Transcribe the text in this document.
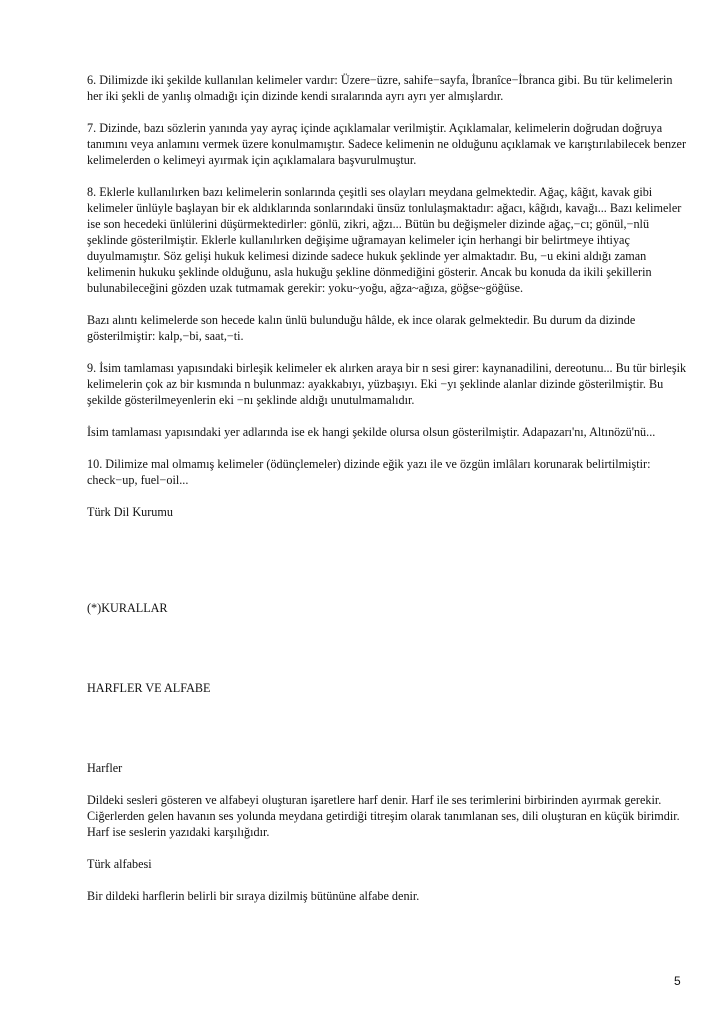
6. Dilimizde iki şekilde kullanılan kelimeler vardır: Üzere−üzre, sahife−sayfa, İbranîce−İbranca gibi. Bu tür kelimelerin her iki şekli de yanlış olmadığı için dizinde kendi sıralarında ayrı ayrı yer almışlardır.

7. Dizinde, bazı sözlerin yanında yay ayraç içinde açıklamalar verilmiştir. Açıklamalar, kelimelerin doğrudan doğruya tanımını veya anlamını vermek üzere konulmamıştır. Sadece kelimenin ne olduğunu açıklamak ve karıştırılabilecek benzer kelimelerden o kelimeyi ayırmak için açıklamalara başvurulmuştur.

8. Eklerle kullanılırken bazı kelimelerin sonlarında çeşitli ses olayları meydana gelmektedir. Ağaç, kâğıt, kavak gibi kelimeler ünlüyle başlayan bir ek aldıklarında sonlarındaki ünsüz tonlulaşmaktadır: ağacı, kâğıdı, kavağı... Bazı kelimeler ise son hecedeki ünlülerini düşürmektedirler: gönlü, zikri, ağzı... Bütün bu değişmeler dizinde ağaç,−cı; gönül,−nlü şeklinde gösterilmiştir. Eklerle kullanılırken değişime uğramayan kelimeler için herhangi bir belirtmeye ihtiyaç duyulmamıştır. Söz gelişi hukuk kelimesi dizinde sadece hukuk şeklinde yer almaktadır. Bu, −u ekini aldığı zaman kelimenin hukuku şeklinde olduğunu, asla hukuğu şekline dönmediğini gösterir. Ancak bu konuda da ikili şekillerin bulunabileceğini gözden uzak tutmamak gerekir: yoku~yoğu, ağza~ağıza, göğse~göğüse.

Bazı alıntı kelimelerde son hecede kalın ünlü bulunduğu hâlde, ek ince olarak gelmektedir. Bu durum da dizinde gösterilmiştir: kalp,−bi, saat,−ti.

9. İsim tamlaması yapısındaki birleşik kelimeler ek alırken araya bir n sesi girer: kaynanadilini, dereotunu... Bu tür birleşik kelimelerin çok az bir kısmında n bulunmaz: ayakkabıyı, yüzbaşıyı. Eki −yı şeklinde alanlar dizinde gösterilmiştir. Bu şekilde gösterilmeyenlerin eki −nı şeklinde aldığı unutulmamalıdır.

İsim tamlaması yapısındaki yer adlarında ise ek hangi şekilde olursa olsun gösterilmiştir. Adapazarı'nı, Altınözü'nü...

10. Dilimize mal olmamış kelimeler (ödünçlemeler) dizinde eğik yazı ile ve özgün imlâları korunarak belirtilmiştir: check−up, fuel−oil...

Türk Dil Kurumu

(*)KURALLAR

HARFLER VE ALFABE

Harfler

Dildeki sesleri gösteren ve alfabeyi oluşturan işaretlere harf denir. Harf ile ses terimlerini birbirinden ayırmak gerekir. Ciğerlerden gelen havanın ses yolunda meydana getirdiği titreşim olarak tanımlanan ses, dili oluşturan en küçük birimdir. Harf ise seslerin yazıdaki karşılığıdır.

Türk alfabesi

Bir dildeki harflerin belirli bir sıraya dizilmiş bütününe alfabe denir.

5
